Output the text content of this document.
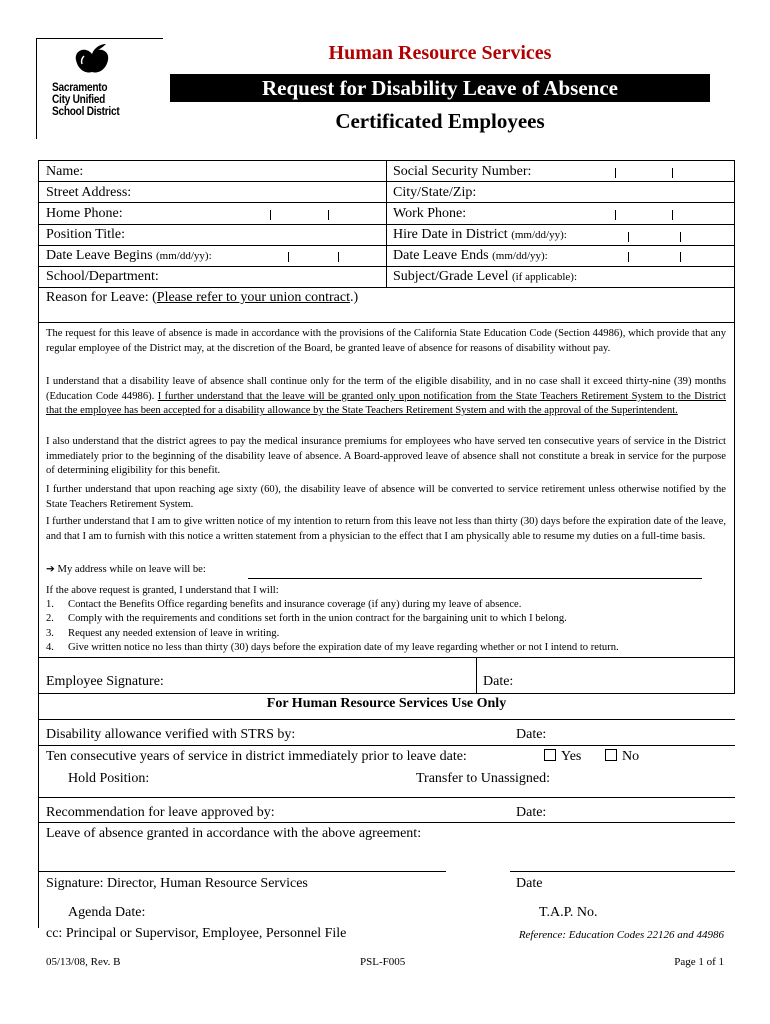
Sacramento
City Unified
School District
Human Resource Services
Request for Disability Leave of Absence
Certificated Employees
Name:	Social Security Number:
Street Address:	City/State/Zip:
Home Phone:	Work Phone:
Position Title:	Hire Date in District (mm/dd/yy):
Date Leave Begins (mm/dd/yy):	Date Leave Ends (mm/dd/yy):
School/Department:	Subject/Grade Level (if applicable):
Reason for Leave: (Please refer to your union contract.)
The request for this leave of absence is made in accordance with the provisions of the California State Education Code (Section 44986), which provide that any regular employee of the District may, at the discretion of the Board, be granted leave of absence for reasons of disability without pay.
I understand that a disability leave of absence shall continue only for the term of the eligible disability, and in no case shall it exceed thirty-nine (39) months (Education Code 44986). I further understand that the leave will be granted only upon notification from the State Teachers Retirement System to the District that the employee has been accepted for a disability allowance by the State Teachers Retirement System and with the approval of the Superintendent.
I also understand that the district agrees to pay the medical insurance premiums for employees who have served ten consecutive years of service in the District immediately prior to the beginning of the disability leave of absence. A Board-approved leave of absence shall not constitute a break in service for the purpose of determining eligibility for this benefit.
I further understand that upon reaching age sixty (60), the disability leave of absence will be converted to service retirement unless otherwise notified by the State Teachers Retirement System.
I further understand that I am to give written notice of my intention to return from this leave not less than thirty (30) days before the expiration date of the leave, and that I am to furnish with this notice a written statement from a physician to the effect that I am physically able to resume my duties on a full-time basis.
➔ My address while on leave will be:
If the above request is granted, I understand that I will:
1. Contact the Benefits Office regarding benefits and insurance coverage (if any) during my leave of absence.
2. Comply with the requirements and conditions set forth in the union contract for the bargaining unit to which I belong.
3. Request any needed extension of leave in writing.
4. Give written notice no less than thirty (30) days before the expiration date of my leave regarding whether or not I intend to return.
Employee Signature:	Date:
For Human Resource Services Use Only
Disability allowance verified with STRS by:	Date:
Ten consecutive years of service in district immediately prior to leave date:	Yes	No
Hold Position:	Transfer to Unassigned:
Recommendation for leave approved by:	Date:
Leave of absence granted in accordance with the above agreement:
Signature: Director, Human Resource Services	Date
Agenda Date:	T.A.P. No.
cc: Principal or Supervisor, Employee, Personnel File	Reference: Education Codes 22126 and 44986
05/13/08, Rev. B	PSL-F005	Page 1 of 1
